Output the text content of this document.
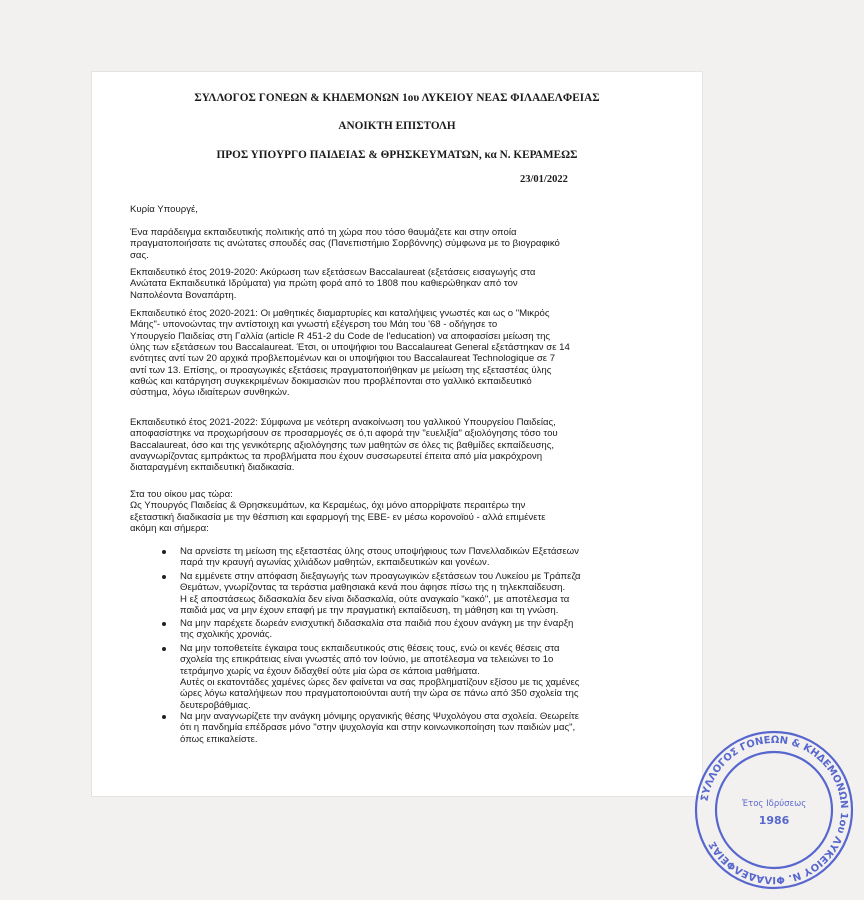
ΣΥΛΛΟΓΟΣ ΓΟΝΕΩΝ & ΚΗΔΕΜΟΝΩΝ 1ου ΛΥΚΕΙΟΥ ΝΕΑΣ ΦΙΛΑΔΕΛΦΕΙΑΣ
ΑΝΟΙΚΤΗ ΕΠΙΣΤΟΛΗ
ΠΡΟΣ ΥΠΟΥΡΓΟ ΠΑΙΔΕΙΑΣ & ΘΡΗΣΚΕΥΜΑΤΩΝ, κα Ν. ΚΕΡΑΜΕΩΣ
23/01/2022
Κυρία Υπουργέ,
Ένα παράδειγμα εκπαιδευτικής πολιτικής από τη χώρα που τόσο θαυμάζετε και στην οποία
πραγματοποιήσατε τις ανώτατες σπουδές σας (Πανεπιστήμιο Σορβόννης) σύμφωνα με το βιογραφικό
σας.
Εκπαιδευτικό έτος 2019-2020: Ακύρωση των εξετάσεων Baccalaureat (εξετάσεις εισαγωγής στα
Ανώτατα Εκπαιδευτικά Ιδρύματα) για πρώτη φορά από το 1808 που καθιερώθηκαν από τον
Ναπολέοντα Βοναπάρτη.
Εκπαιδευτικό έτος 2020-2021: Οι μαθητικές διαμαρτυρίες και καταλήψεις γνωστές και ως ο "Μικρός
Μάης"- υπονοώντας την αντίστοιχη και γνωστή εξέγερση του Μάη του '68 - οδήγησε το
Υπουργείο Παιδείας στη Γαλλία (article R 451-2 du Code de l'education) να αποφασίσει μείωση της
ύλης των εξετάσεων του Baccalaureat. Έτσι, οι υποψήφιοι του Baccalaureat General εξετάστηκαν σε 14
ενότητες αντί των 20 αρχικά προβλεπομένων και οι υποψήφιοι του Baccalaureat Technologique σε 7
αντί των 13. Επίσης, οι προαγωγικές εξετάσεις πραγματοποιήθηκαν με μείωση της εξεταστέας ύλης
καθώς και κατάργηση συγκεκριμένων δοκιμασιών που προβλέπονται στο γαλλικό εκπαιδευτικό
σύστημα, λόγω ιδιαίτερων συνθηκών.
Εκπαιδευτικό έτος 2021-2022: Σύμφωνα με νεότερη ανακοίνωση του γαλλικού Υπουργείου Παιδείας,
αποφασίστηκε να προχωρήσουν σε προσαρμογές σε ό,τι αφορά την "ευελιξία" αξιολόγησης τόσο του
Baccalaureat, όσο και της γενικότερης αξιολόγησης των μαθητών σε όλες τις βαθμίδες εκπαίδευσης,
αναγνωρίζοντας εμπράκτως τα προβλήματα που έχουν συσσωρευτεί έπειτα από μία μακρόχρονη
διαταραγμένη εκπαιδευτική διαδικασία.
Στα του οίκου μας τώρα:
Ως Υπουργός Παιδείας & Θρησκευμάτων, κα Κεραμέως, όχι μόνο απορρίψατε περαιτέρω την
εξεταστική διαδικασία με την θέσπιση και εφαρμογή της ΕΒΕ- εν μέσω κορονοϊού - αλλά επιμένετε
ακόμη και σήμερα:
Να αρνείστε τη μείωση της εξεταστέας ύλης στους υποψήφιους των Πανελλαδικών Εξετάσεων
παρά την κραυγή αγωνίας χιλιάδων μαθητών, εκπαιδευτικών και γονέων.
Να εμμένετε στην απόφαση διεξαγωγής των προαγωγικών εξετάσεων του Λυκείου με Τράπεζα
Θεμάτων, γνωρίζοντας τα τεράστια μαθησιακά κενά που άφησε πίσω της η τηλεκπαίδευση.
Η εξ αποστάσεως διδασκαλία δεν είναι διδασκαλία, ούτε αναγκαίο "κακό", με αποτέλεσμα τα
παιδιά μας να μην έχουν επαφή με την πραγματική εκπαίδευση, τη μάθηση και τη γνώση.
Να μην παρέχετε δωρεάν ενισχυτική διδασκαλία στα παιδιά που έχουν ανάγκη με την έναρξη
της σχολικής χρονιάς.
Να μην τοποθετείτε έγκαιρα τους εκπαιδευτικούς στις θέσεις τους, ενώ οι κενές θέσεις στα
σχολεία της επικράτειας είναι γνωστές από τον Ιούνιο, με αποτέλεσμα να τελειώνει το 1ο
τετράμηνο χωρίς να έχουν διδαχθεί ούτε μία ώρα σε κάποια μαθήματα.
Αυτές οι εκατοντάδες χαμένες ώρες δεν φαίνεται να σας προβληματίζουν εξίσου με τις χαμένες
ώρες λόγω καταλήψεων που πραγματοποιούνται αυτή την ώρα σε πάνω από 350 σχολεία της
δευτεροβάθμιας.
Να μην αναγνωρίζετε την ανάγκη μόνιμης οργανικής θέσης Ψυχολόγου στα σχολεία. Θεωρείτε
ότι η πανδημία επέδρασε μόνο "στην ψυχολογία και στην κοινωνικοποίηση των παιδιών μας",
όπως επικαλείστε.
ΣΥΛΛΟΓΟΣ ΓΟΝΕΩΝ & ΚΗΔΕΜΟΝΩΝ 1ου ΛΥΚΕΙΟΥ Ν. ΦΙΛΑΔΕΛΦΕΙΑΣ
Έτος Ιδρύσεως
1986
